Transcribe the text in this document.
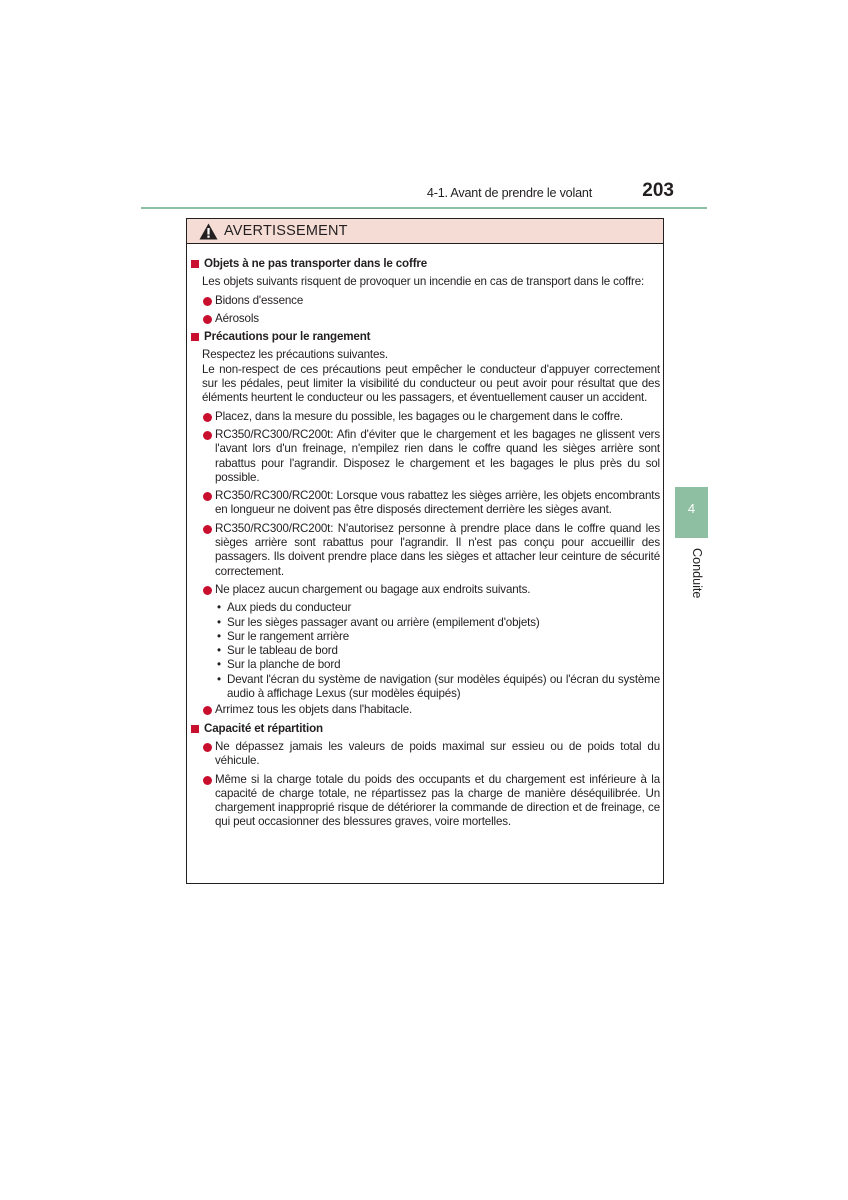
4-1. Avant de prendre le volant	203
4
Conduite
AVERTISSEMENT
Objets à ne pas transporter dans le coffre
Les objets suivants risquent de provoquer un incendie en cas de transport dans le coffre:
Bidons d'essence
Aérosols
Précautions pour le rangement
Respectez les précautions suivantes.
Le non-respect de ces précautions peut empêcher le conducteur d'appuyer correctement sur les pédales, peut limiter la visibilité du conducteur ou peut avoir pour résultat que des éléments heurtent le conducteur ou les passagers, et éventuellement causer un accident.
Placez, dans la mesure du possible, les bagages ou le chargement dans le coffre.
RC350/RC300/RC200t: Afin d'éviter que le chargement et les bagages ne glissent vers l'avant lors d'un freinage, n'empilez rien dans le coffre quand les sièges arrière sont rabattus pour l'agrandir. Disposez le chargement et les bagages le plus près du sol possible.
RC350/RC300/RC200t: Lorsque vous rabattez les sièges arrière, les objets encombrants en longueur ne doivent pas être disposés directement derrière les sièges avant.
RC350/RC300/RC200t: N'autorisez personne à prendre place dans le coffre quand les sièges arrière sont rabattus pour l'agrandir. Il n'est pas conçu pour accueillir des passagers. Ils doivent prendre place dans les sièges et attacher leur ceinture de sécurité correctement.
Ne placez aucun chargement ou bagage aux endroits suivants.
• Aux pieds du conducteur
• Sur les sièges passager avant ou arrière (empilement d'objets)
• Sur le rangement arrière
• Sur le tableau de bord
• Sur la planche de bord
• Devant l'écran du système de navigation (sur modèles équipés) ou l'écran du système audio à affichage Lexus (sur modèles équipés)
Arrimez tous les objets dans l'habitacle.
Capacité et répartition
Ne dépassez jamais les valeurs de poids maximal sur essieu ou de poids total du véhicule.
Même si la charge totale du poids des occupants et du chargement est inférieure à la capacité de charge totale, ne répartissez pas la charge de manière déséquilibrée. Un chargement inapproprié risque de détériorer la commande de direction et de freinage, ce qui peut occasionner des blessures graves, voire mortelles.
